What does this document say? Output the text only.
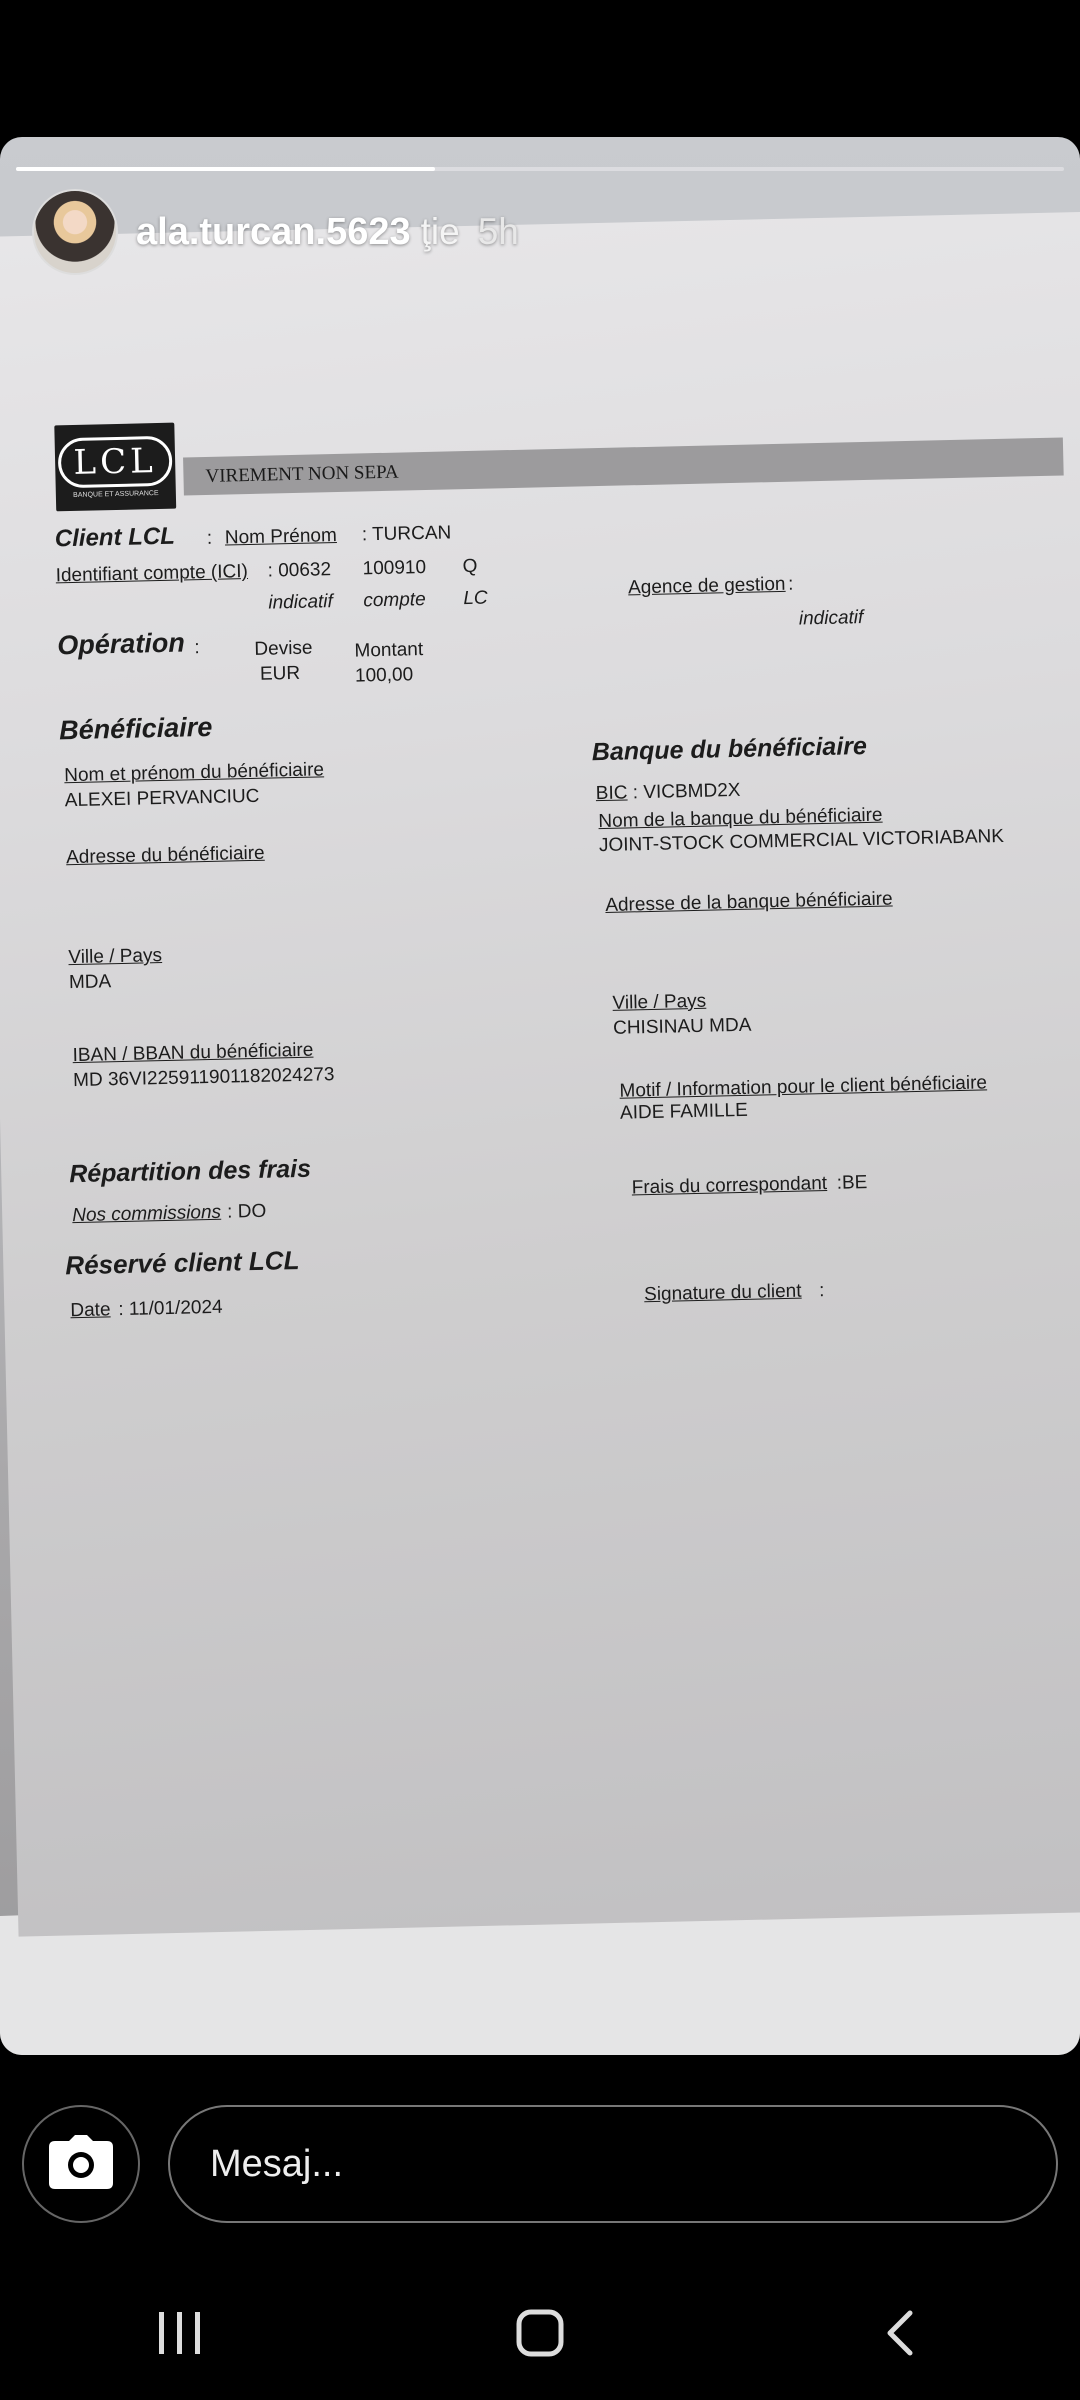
ala.turcan.5623 ţie 5h
LCL
BANQUE ET ASSURANCE
VIREMENT NON SEPA
Client LCL : Nom Prénom : TURCAN
Identifiant compte (ICI) : 00632 100910 Q
indicatif compte LC	Agence de gestion :
indicatif
Opération :	Devise
EUR
Montant
100,00
Bénéficiaire
Nom et prénom du bénéficiaire
ALEXEI PERVANCIUC
Adresse du bénéficiaire
Ville / Pays
MDA
IBAN / BBAN du bénéficiaire
MD 36VI225911901182024273
Banque du bénéficiaire
BIC : VICBMD2X
Nom de la banque du bénéficiaire
JOINT-STOCK COMMERCIAL VICTORIABANK
Adresse de la banque bénéficiaire
Ville / Pays
CHISINAU MDA
Motif / Information pour le client bénéficiaire
AIDE FAMILLE
Répartition des frais
Nos commissions : DO
Frais du correspondant :BE
Réservé client LCL
Date : 11/01/2024
Signature du client :
Mesaj...
